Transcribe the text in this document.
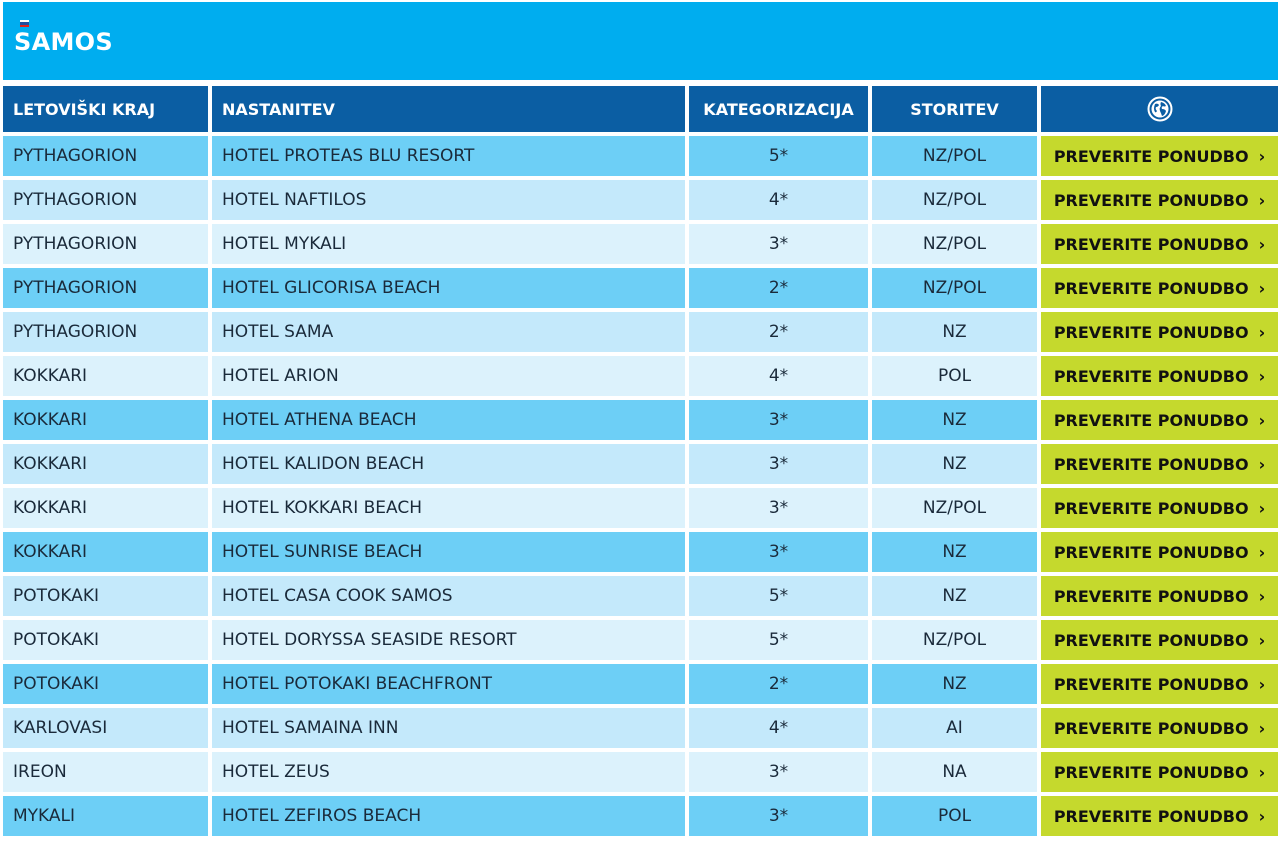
SAMOS
LETOVIŠKI KRAJ	NASTANITEV	KATEGORIZACIJA	STORITEV	
PYTHAGORION	HOTEL PROTEAS BLU RESORT	5*	NZ/POL	PREVERITE PONUDBO ›
PYTHAGORION	HOTEL NAFTILOS	4*	NZ/POL	PREVERITE PONUDBO ›
PYTHAGORION	HOTEL MYKALI	3*	NZ/POL	PREVERITE PONUDBO ›
PYTHAGORION	HOTEL GLICORISA BEACH	2*	NZ/POL	PREVERITE PONUDBO ›
PYTHAGORION	HOTEL SAMA	2*	NZ	PREVERITE PONUDBO ›
KOKKARI	HOTEL ARION	4*	POL	PREVERITE PONUDBO ›
KOKKARI	HOTEL ATHENA BEACH	3*	NZ	PREVERITE PONUDBO ›
KOKKARI	HOTEL KALIDON BEACH	3*	NZ	PREVERITE PONUDBO ›
KOKKARI	HOTEL KOKKARI BEACH	3*	NZ/POL	PREVERITE PONUDBO ›
KOKKARI	HOTEL SUNRISE BEACH	3*	NZ	PREVERITE PONUDBO ›
POTOKAKI	HOTEL CASA COOK SAMOS	5*	NZ	PREVERITE PONUDBO ›
POTOKAKI	HOTEL DORYSSA SEASIDE RESORT	5*	NZ/POL	PREVERITE PONUDBO ›
POTOKAKI	HOTEL POTOKAKI BEACHFRONT	2*	NZ	PREVERITE PONUDBO ›
KARLOVASI	HOTEL SAMAINA INN	4*	AI	PREVERITE PONUDBO ›
IREON	HOTEL ZEUS	3*	NA	PREVERITE PONUDBO ›
MYKALI	HOTEL ZEFIROS BEACH	3*	POL	PREVERITE PONUDBO ›
